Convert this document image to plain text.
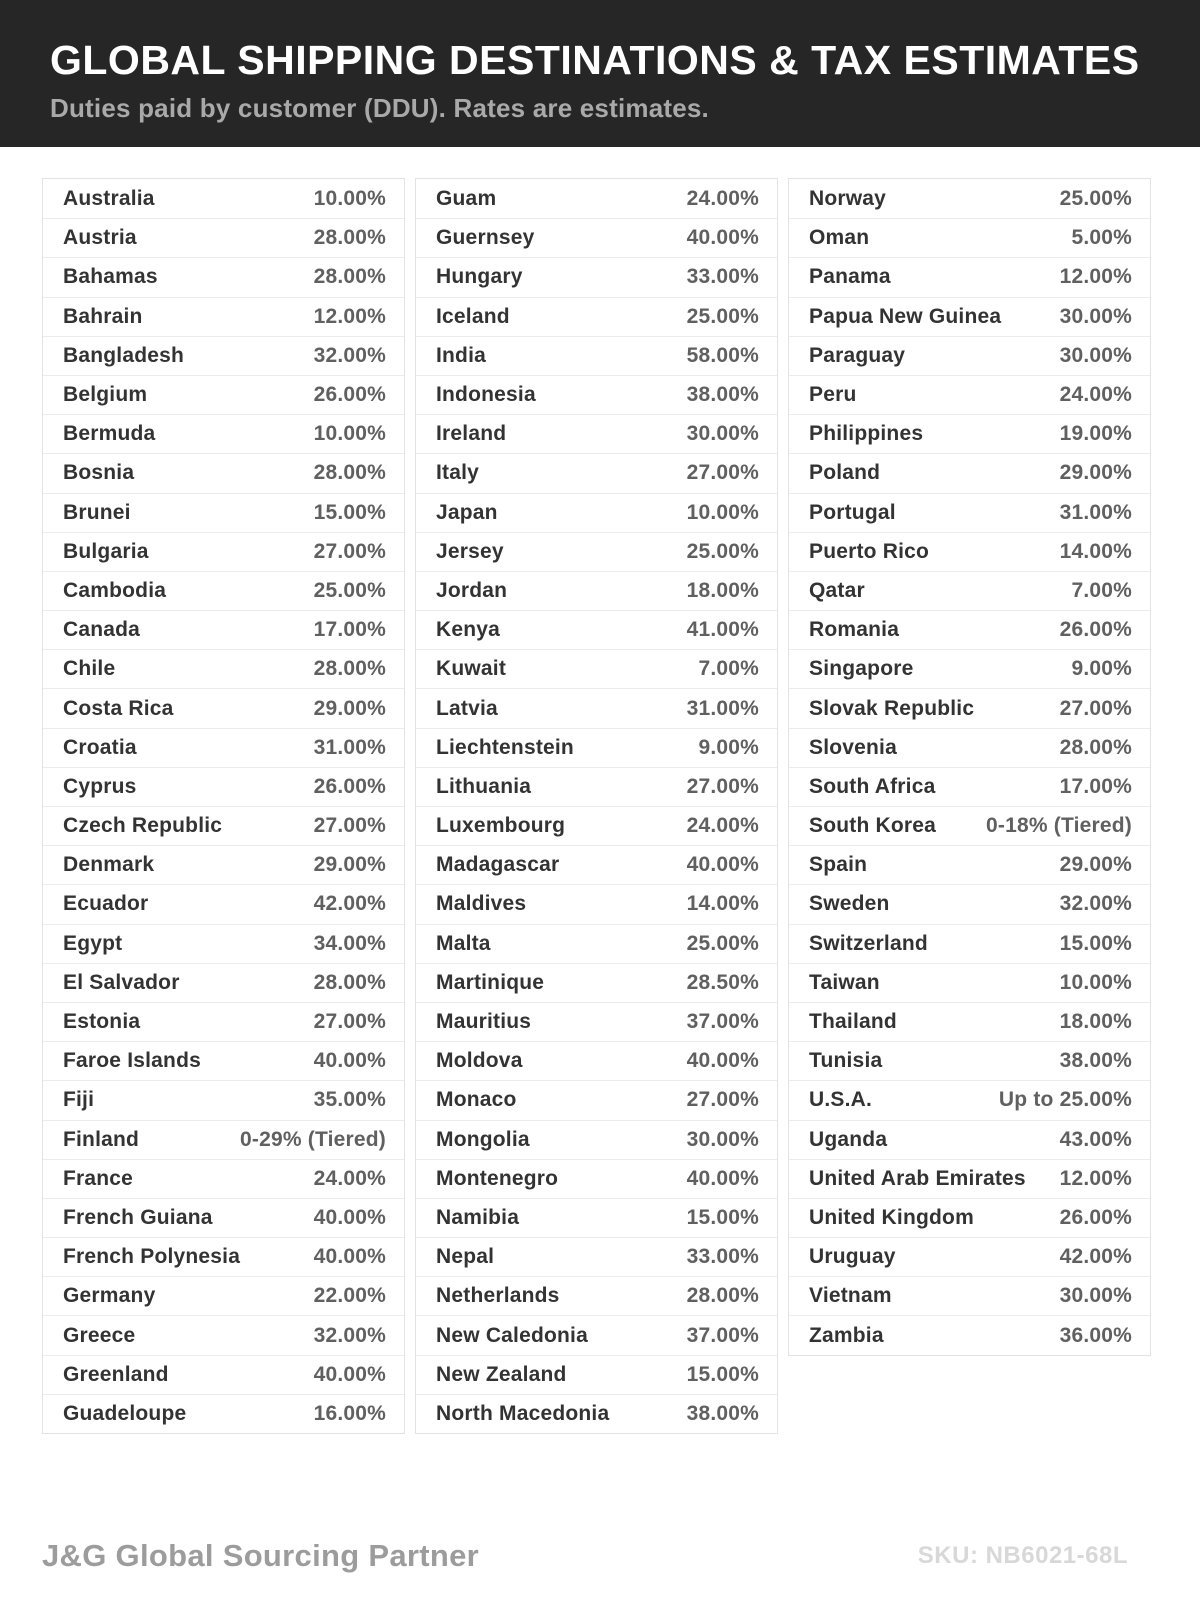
GLOBAL SHIPPING DESTINATIONS & TAX ESTIMATES

Duties paid by customer (DDU). Rates are estimates.

Australia	10.00%
Austria	28.00%
Bahamas	28.00%
Bahrain	12.00%
Bangladesh	32.00%
Belgium	26.00%
Bermuda	10.00%
Bosnia	28.00%
Brunei	15.00%
Bulgaria	27.00%
Cambodia	25.00%
Canada	17.00%
Chile	28.00%
Costa Rica	29.00%
Croatia	31.00%
Cyprus	26.00%
Czech Republic	27.00%
Denmark	29.00%
Ecuador	42.00%
Egypt	34.00%
El Salvador	28.00%
Estonia	27.00%
Faroe Islands	40.00%
Fiji	35.00%
Finland	0-29% (Tiered)
France	24.00%
French Guiana	40.00%
French Polynesia	40.00%
Germany	22.00%
Greece	32.00%
Greenland	40.00%
Guadeloupe	16.00%
Guam	24.00%
Guernsey	40.00%
Hungary	33.00%
Iceland	25.00%
India	58.00%
Indonesia	38.00%
Ireland	30.00%
Italy	27.00%
Japan	10.00%
Jersey	25.00%
Jordan	18.00%
Kenya	41.00%
Kuwait	7.00%
Latvia	31.00%
Liechtenstein	9.00%
Lithuania	27.00%
Luxembourg	24.00%
Madagascar	40.00%
Maldives	14.00%
Malta	25.00%
Martinique	28.50%
Mauritius	37.00%
Moldova	40.00%
Monaco	27.00%
Mongolia	30.00%
Montenegro	40.00%
Namibia	15.00%
Nepal	33.00%
Netherlands	28.00%
New Caledonia	37.00%
New Zealand	15.00%
North Macedonia	38.00%
Norway	25.00%
Oman	5.00%
Panama	12.00%
Papua New Guinea	30.00%
Paraguay	30.00%
Peru	24.00%
Philippines	19.00%
Poland	29.00%
Portugal	31.00%
Puerto Rico	14.00%
Qatar	7.00%
Romania	26.00%
Singapore	9.00%
Slovak Republic	27.00%
Slovenia	28.00%
South Africa	17.00%
South Korea 0-18% (Tiered)
Spain	29.00%
Sweden	32.00%
Switzerland	15.00%
Taiwan	10.00%
Thailand	18.00%
Tunisia	38.00%
U.S.A.	Up to 25.00%
Uganda	43.00%
United Arab Emirates 12.00%
United Kingdom	26.00%
Uruguay	42.00%
Vietnam	30.00%
Zambia	36.00%
J&G Global Sourcing Partner	SKU: NB6021-68L
